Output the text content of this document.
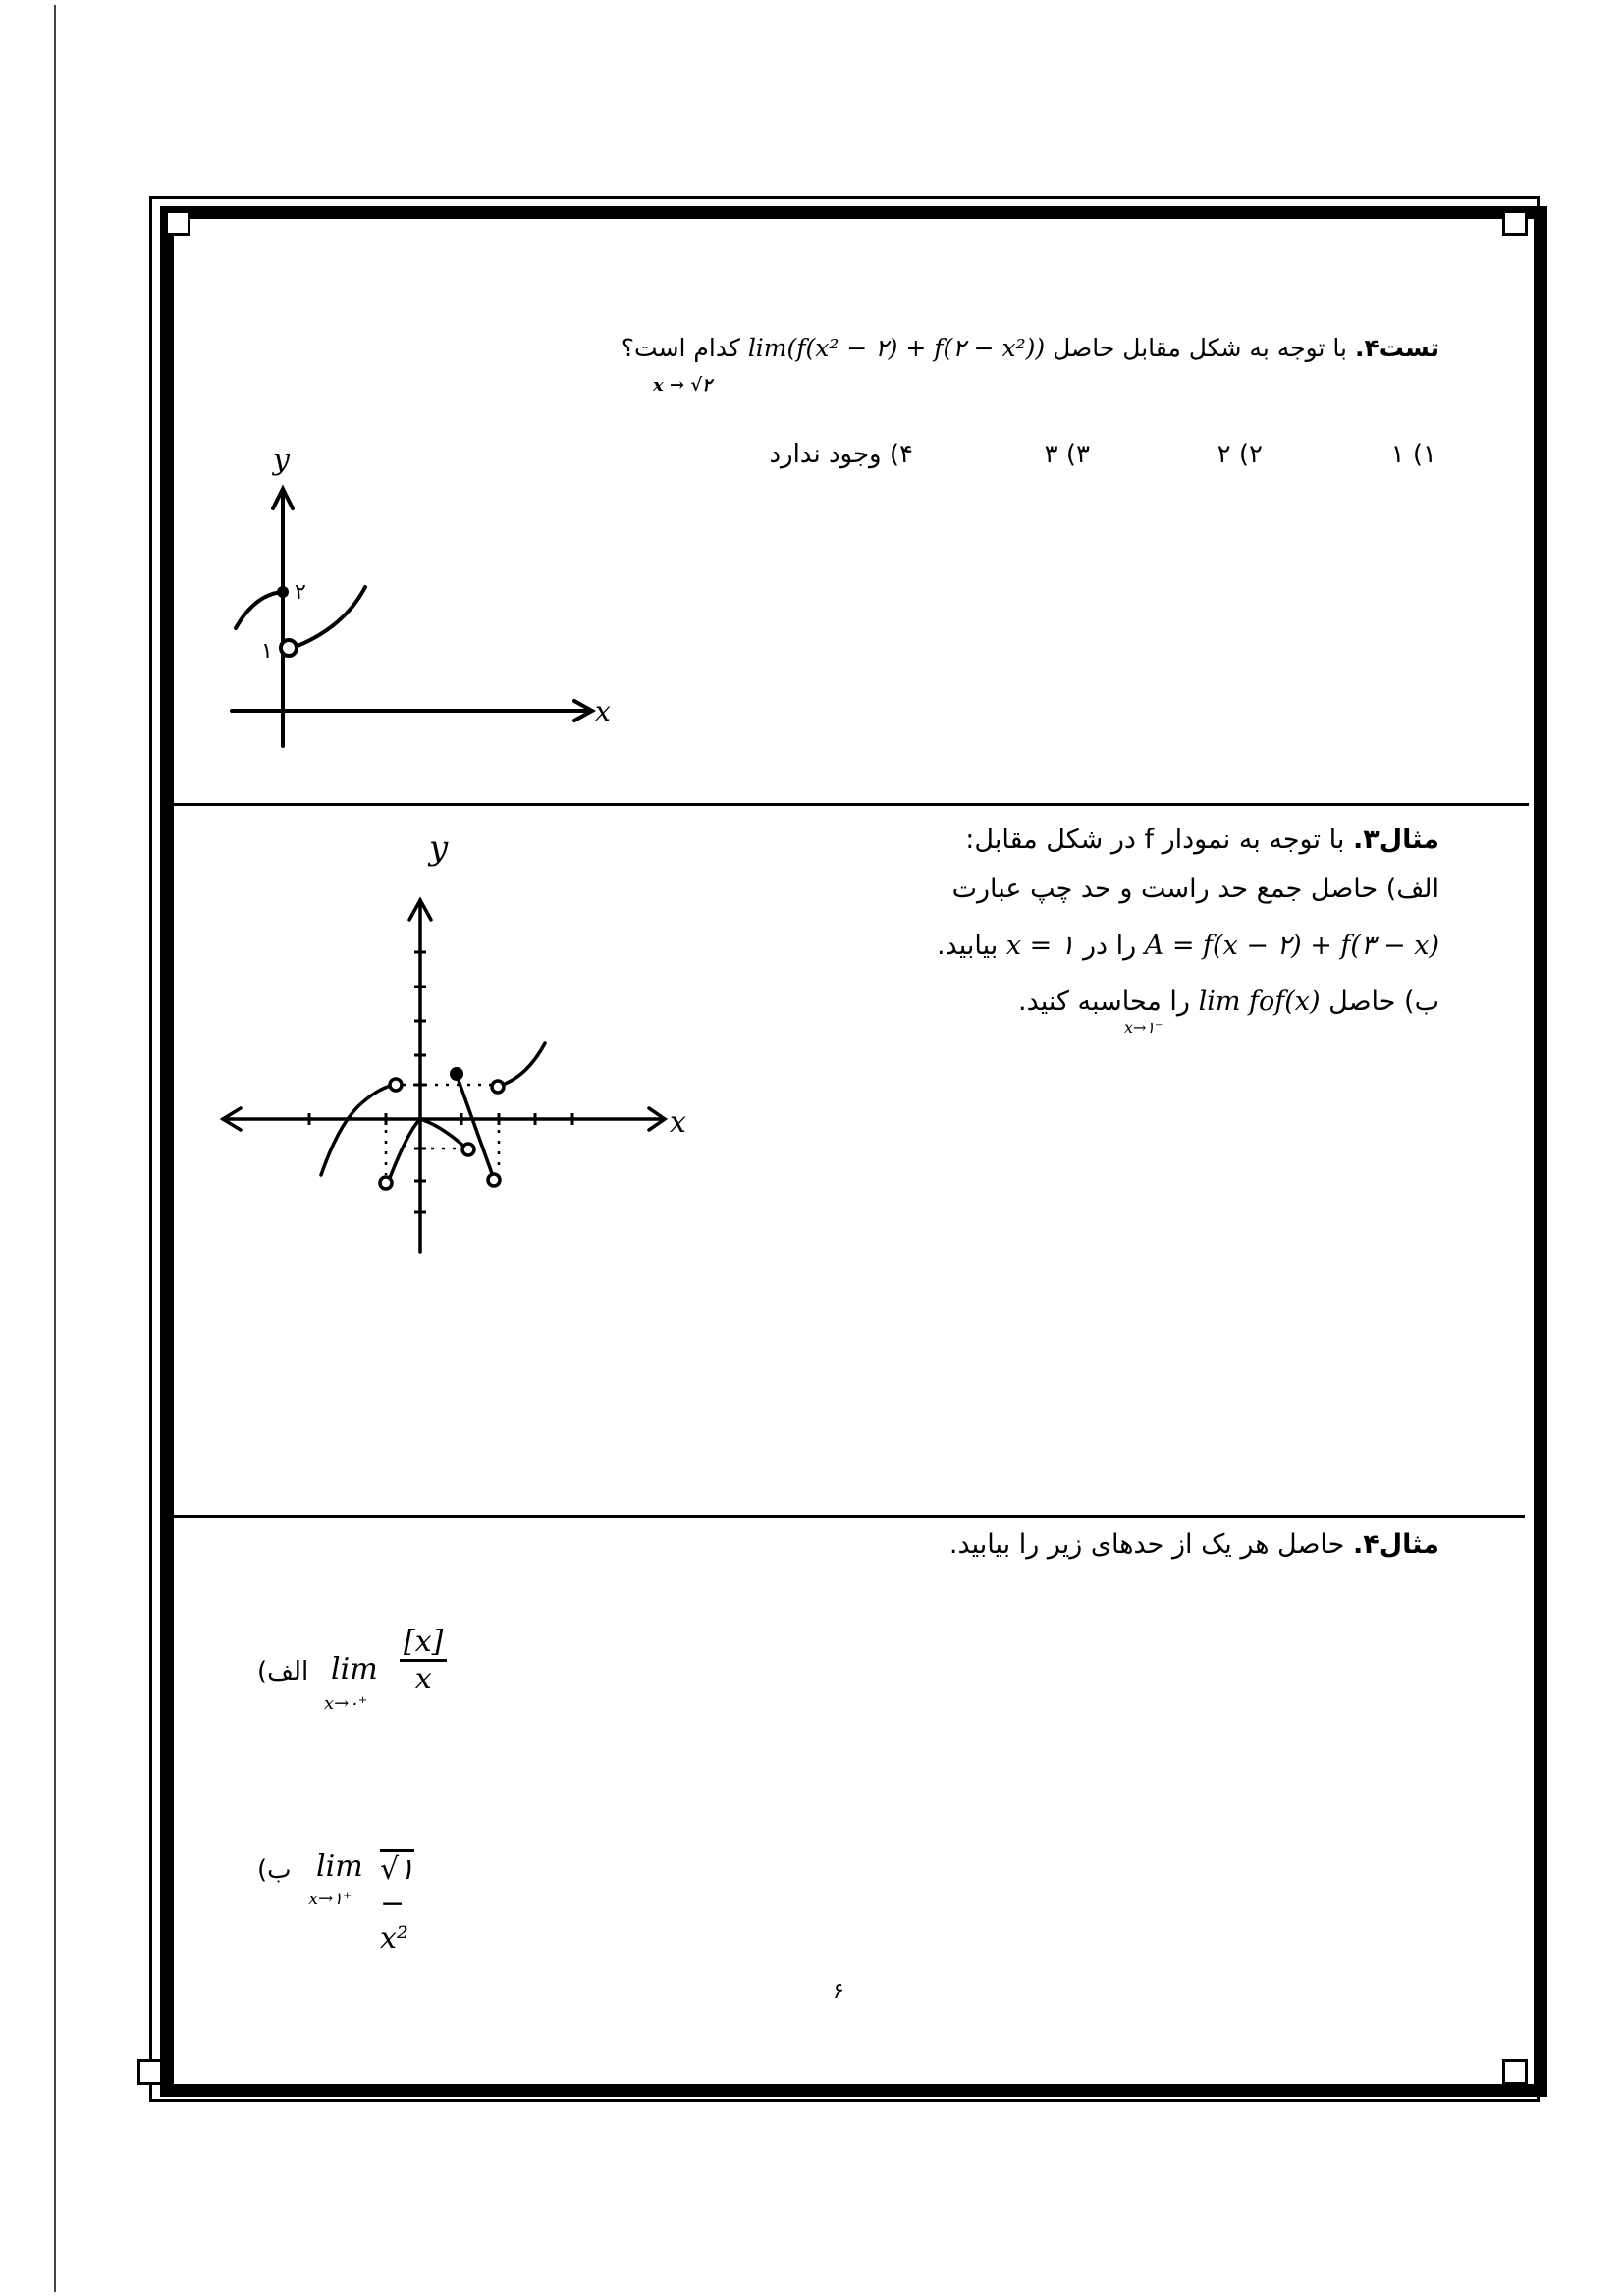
تست۴. با توجه به شکل مقابل حاصل lim(f(x² − ۲) + f(۲ − x²)) کدام است؟
x → √۲
۱) ۱
۲) ۲
۳) ۳
۴) وجود ندارد
y
x
۲
۱
مثال۳. با توجه به نمودار f در شکل مقابل:
الف) حاصل جمع حد راست و حد چپ عبارت
A = f(x − ۲) + f(۳ − x) را در x = ۱ بیابید.
ب) حاصل lim fof(x) را محاسبه کنید.
x→۱⁻
y
x
مثال۴. حاصل هر یک از حدهای زیر را بیابید.
الف) lim
x→۰⁺
$\frac{[x]}{x}$
ب) lim
x→۱⁺
√۱ − x²
۶
